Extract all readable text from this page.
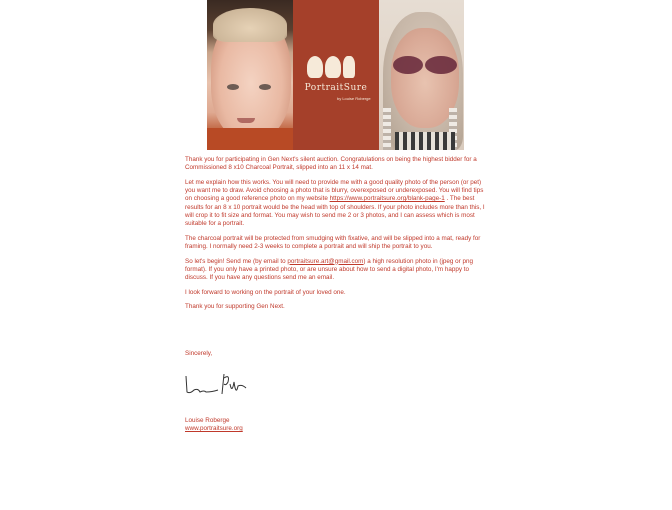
PortraitSure
by Louise Roberge

Thank you for participating in Gen Next's silent auction. Congratulations on being the highest bidder for a Commissioned 8 x10 Charcoal Portrait, slipped into an 11 x 14 mat.

Let me explain how this works. You will need to provide me with a good quality photo of the person (or pet) you want me to draw. Avoid choosing a photo that is blurry, overexposed or underexposed. You will find tips on choosing a good reference photo on my website https://www.portraitsure.org/blank-page-1 . The best results for an 8 x 10 portrait would be the head with top of shoulders. If your photo includes more than this, I will crop it to fit size and format. You may wish to send me 2 or 3 photos, and I can assess which is most suitable for a portrait.

The charcoal portrait will be protected from smudging with fixative, and will be slipped into a mat, ready for framing. I normally need 2-3 weeks to complete a portrait and will ship the portrait to you.

So let's begin! Send me (by email to portraitsure.art@gmail.com) a high resolution photo in (jpeg or png format). If you only have a printed photo, or are unsure about how to send a digital photo, I'm happy to discuss. If you have any questions send me an email.

I look forward to working on the portrait of your loved one.

Thank you for supporting Gen Next.

Sincerely,
Louise Roberge
www.portraitsure.org
